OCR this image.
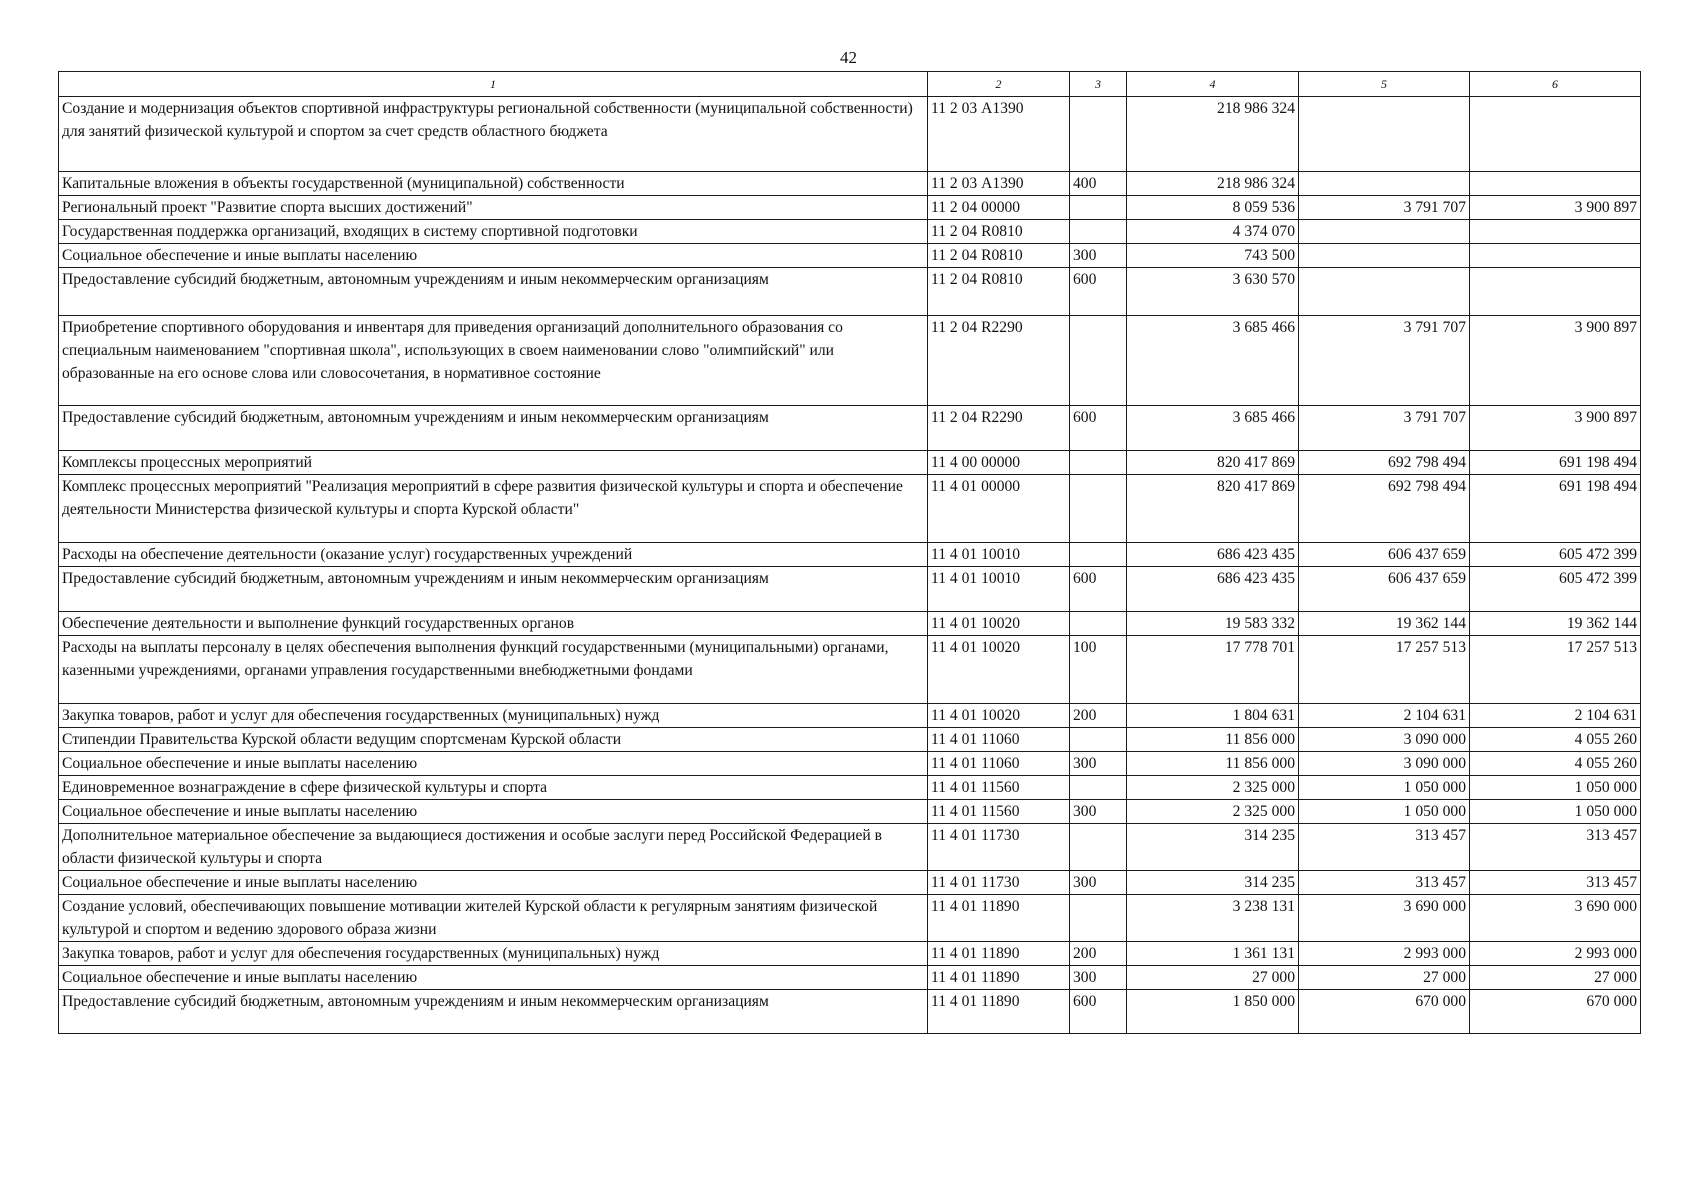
42
1	2	3	4	5	6
Создание и модернизация объектов спортивной инфраструктуры региональной собственности (муниципальной собственности) для занятий физической культурой и спортом за счет средств областного бюджета	11 2 03 А1390		218 986 324		
Капитальные вложения в объекты государственной (муниципальной) собственности	11 2 03 А1390	400	218 986 324		
Региональный проект "Развитие спорта высших достижений"	11 2 04 00000		8 059 536	3 791 707	3 900 897
Государственная поддержка организаций, входящих в систему спортивной подготовки	11 2 04 R0810		4 374 070		
Социальное обеспечение и иные выплаты населению	11 2 04 R0810	300	743 500		
Предоставление субсидий бюджетным, автономным учреждениям и иным некоммерческим организациям	11 2 04 R0810	600	3 630 570		
Приобретение спортивного оборудования и инвентаря для приведения организаций дополнительного образования со специальным наименованием "спортивная школа", использующих в своем наименовании слово "олимпийский" или образованные на его основе слова или словосочетания, в нормативное состояние	11 2 04 R2290		3 685 466	3 791 707	3 900 897
Предоставление субсидий бюджетным, автономным учреждениям и иным некоммерческим организациям	11 2 04 R2290	600	3 685 466	3 791 707	3 900 897
Комплексы процессных мероприятий	11 4 00 00000		820 417 869	692 798 494	691 198 494
Комплекс процессных мероприятий "Реализация мероприятий в сфере развития физической культуры и спорта и обеспечение деятельности Министерства физической культуры и спорта Курской области"	11 4 01 00000		820 417 869	692 798 494	691 198 494
Расходы на обеспечение деятельности (оказание услуг) государственных учреждений	11 4 01 10010		686 423 435	606 437 659	605 472 399
Предоставление субсидий бюджетным, автономным учреждениям и иным некоммерческим организациям	11 4 01 10010	600	686 423 435	606 437 659	605 472 399
Обеспечение деятельности и выполнение функций государственных органов	11 4 01 10020		19 583 332	19 362 144	19 362 144
Расходы на выплаты персоналу в целях обеспечения выполнения функций государственными (муниципальными) органами, казенными учреждениями, органами управления государственными внебюджетными фондами	11 4 01 10020	100	17 778 701	17 257 513	17 257 513
Закупка товаров, работ и услуг для обеспечения государственных (муниципальных) нужд	11 4 01 10020	200	1 804 631	2 104 631	2 104 631
Стипендии Правительства Курской области ведущим спортсменам Курской области	11 4 01 11060		11 856 000	3 090 000	4 055 260
Социальное обеспечение и иные выплаты населению	11 4 01 11060	300	11 856 000	3 090 000	4 055 260
Единовременное вознаграждение в сфере физической культуры и спорта	11 4 01 11560		2 325 000	1 050 000	1 050 000
Социальное обеспечение и иные выплаты населению	11 4 01 11560	300	2 325 000	1 050 000	1 050 000
Дополнительное материальное обеспечение за выдающиеся достижения и особые заслуги перед Российской Федерацией в области физической культуры и спорта	11 4 01 11730		314 235	313 457	313 457
Социальное обеспечение и иные выплаты населению	11 4 01 11730	300	314 235	313 457	313 457
Создание условий, обеспечивающих повышение мотивации жителей Курской области к регулярным занятиям физической культурой и спортом и ведению здорового образа жизни	11 4 01 11890		3 238 131	3 690 000	3 690 000
Закупка товаров, работ и услуг для обеспечения государственных (муниципальных) нужд	11 4 01 11890	200	1 361 131	2 993 000	2 993 000
Социальное обеспечение и иные выплаты населению	11 4 01 11890	300	27 000	27 000	27 000
Предоставление субсидий бюджетным, автономным учреждениям и иным некоммерческим организациям	11 4 01 11890	600	1 850 000	670 000	670 000
